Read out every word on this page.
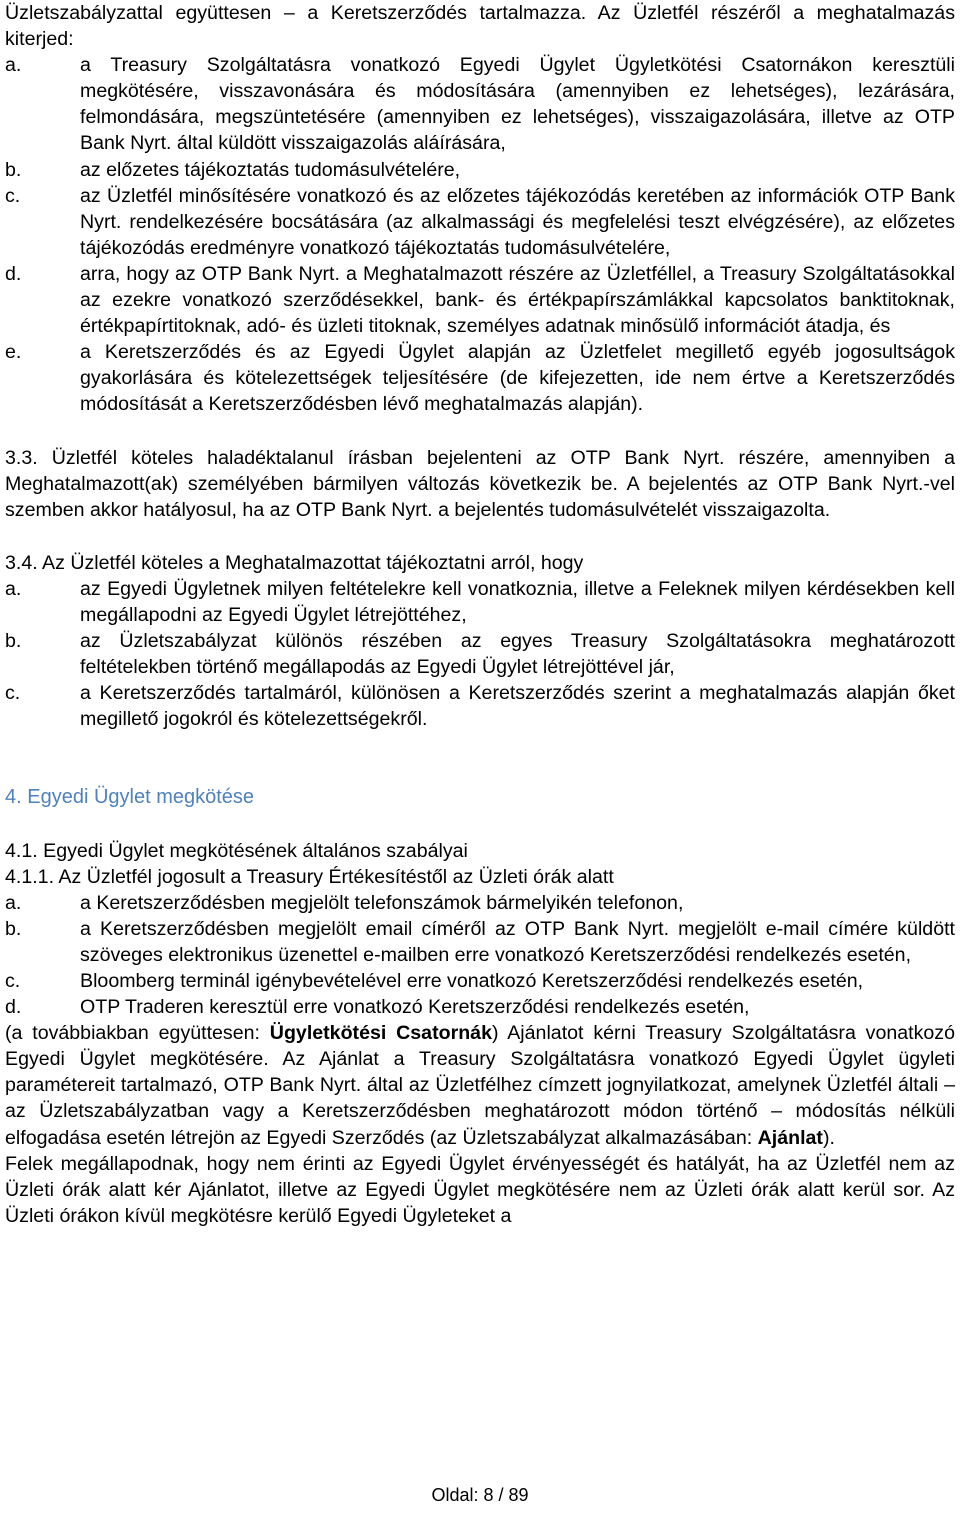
Üzletszabályzattal együttesen – a Keretszerződés tartalmazza. Az Üzletfél részéről a meghatalmazás kiterjed:

a.	a Treasury Szolgáltatásra vonatkozó Egyedi Ügylet Ügyletkötési Csatornákon keresztüli megkötésére, visszavonására és módosítására (amennyiben ez lehetséges), lezárására, felmondására, megszüntetésére (amennyiben ez lehetséges), visszaigazolására, illetve az OTP Bank Nyrt. által küldött visszaigazolás aláírására,
b.	az előzetes tájékoztatás tudomásulvételére,
c.	az Üzletfél minősítésére vonatkozó és az előzetes tájékozódás keretében az információk OTP Bank Nyrt. rendelkezésére bocsátására (az alkalmassági és megfelelési teszt elvégzésére), az előzetes tájékozódás eredményre vonatkozó tájékoztatás tudomásulvételére,
d.	arra, hogy az OTP Bank Nyrt. a Meghatalmazott részére az Üzletféllel, a Treasury Szolgáltatásokkal az ezekre vonatkozó szerződésekkel, bank- és értékpapírszámlákkal kapcsolatos banktitoknak, értékpapírtitoknak, adó- és üzleti titoknak, személyes adatnak minősülő információt átadja, és
e.	a Keretszerződés és az Egyedi Ügylet alapján az Üzletfelet megillető egyéb jogosultságok gyakorlására és kötelezettségek teljesítésére (de kifejezetten, ide nem értve a Keretszerződés módosítását a Keretszerződésben lévő meghatalmazás alapján).

3.3. Üzletfél köteles haladéktalanul írásban bejelenteni az OTP Bank Nyrt. részére, amennyiben a Meghatalmazott(ak) személyében bármilyen változás következik be. A bejelentés az OTP Bank Nyrt.-vel szemben akkor hatályosul, ha az OTP Bank Nyrt. a bejelentés tudomásulvételét visszaigazolta.

3.4. Az Üzletfél köteles a Meghatalmazottat tájékoztatni arról, hogy

a.	az Egyedi Ügyletnek milyen feltételekre kell vonatkoznia, illetve a Feleknek milyen kérdésekben kell megállapodni az Egyedi Ügylet létrejöttéhez,
b.	az Üzletszabályzat különös részében az egyes Treasury Szolgáltatásokra meghatározott feltételekben történő megállapodás az Egyedi Ügylet létrejöttével jár,
c.	a Keretszerződés tartalmáról, különösen a Keretszerződés szerint a meghatalmazás alapján őket megillető jogokról és kötelezettségekről.

4. Egyedi Ügylet megkötése

4.1. Egyedi Ügylet megkötésének általános szabályai

4.1.1. Az Üzletfél jogosult a Treasury Értékesítéstől az Üzleti órák alatt

a.	a Keretszerződésben megjelölt telefonszámok bármelyikén telefonon,
b.	a Keretszerződésben megjelölt email címéről az OTP Bank Nyrt. megjelölt e-mail címére küldött szöveges elektronikus üzenettel e-mailben erre vonatkozó Keretszerződési rendelkezés esetén,
c.	Bloomberg terminál igénybevételével erre vonatkozó Keretszerződési rendelkezés esetén,
d.	OTP Traderen keresztül erre vonatkozó Keretszerződési rendelkezés esetén,

(a továbbiakban együttesen: Ügyletkötési Csatornák) Ajánlatot kérni Treasury Szolgáltatásra vonatkozó Egyedi Ügylet megkötésére. Az Ajánlat a Treasury Szolgáltatásra vonatkozó Egyedi Ügylet ügyleti paramétereit tartalmazó, OTP Bank Nyrt. által az Üzletfélhez címzett jognyilatkozat, amelynek Üzletfél általi – az Üzletszabályzatban vagy a Keretszerződésben meghatározott módon történő – módosítás nélküli elfogadása esetén létrejön az Egyedi Szerződés (az Üzletszabályzat alkalmazásában: Ajánlat).

Felek megállapodnak, hogy nem érinti az Egyedi Ügylet érvényességét és hatályát, ha az Üzletfél nem az Üzleti órák alatt kér Ajánlatot, illetve az Egyedi Ügylet megkötésére nem az Üzleti órák alatt kerül sor. Az Üzleti órákon kívül megkötésre kerülő Egyedi Ügyleteket a

Oldal: 8 / 89
